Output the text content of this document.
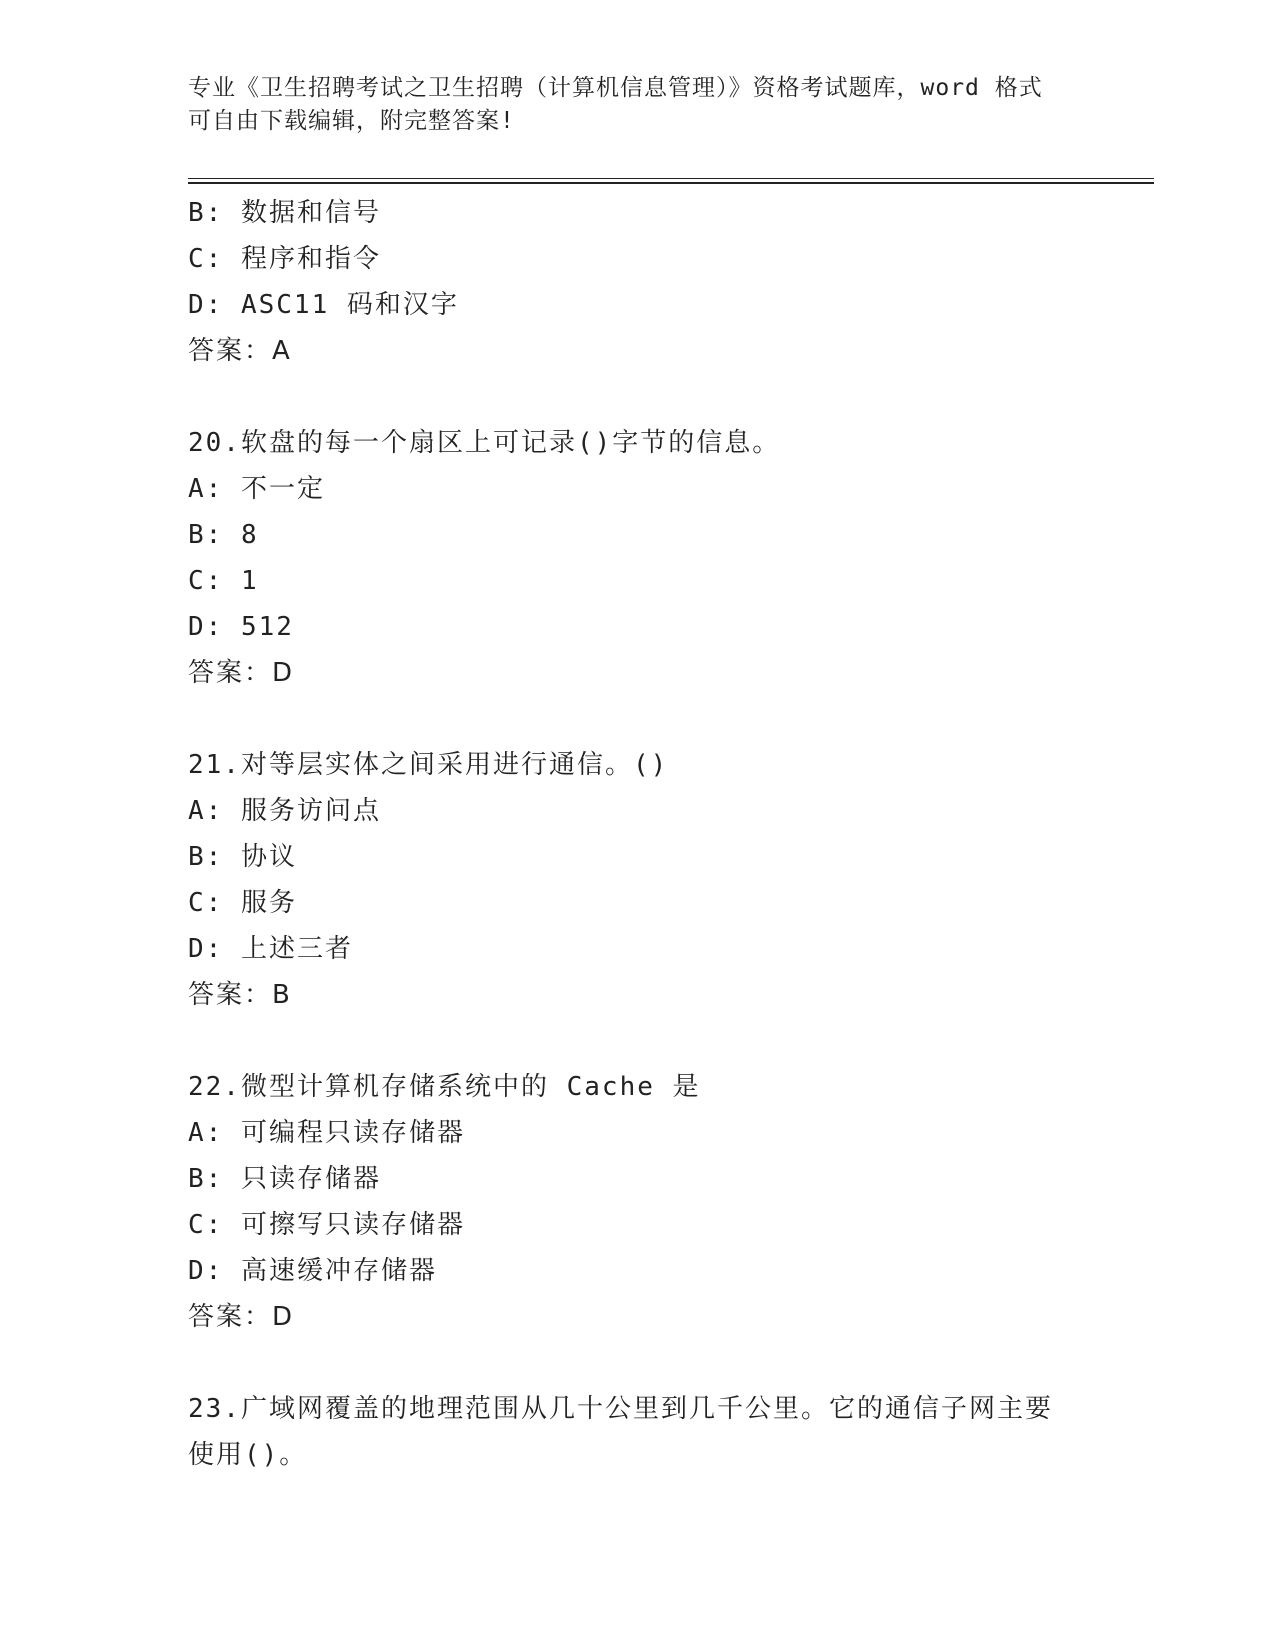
专业《卫生招聘考试之卫生招聘（计算机信息管理）》资格考试题库，word 格式
可自由下载编辑，附完整答案!
B: 数据和信号
C: 程序和指令
D: ASC11 码和汉字
答案：A
20.软盘的每一个扇区上可记录()字节的信息。
A: 不一定
B: 8
C: 1
D: 512
答案：D
21.对等层实体之间采用进行通信。()
A: 服务访问点
B: 协议
C: 服务
D: 上述三者
答案：B
22.微型计算机存储系统中的 Cache 是
A: 可编程只读存储器
B: 只读存储器
C: 可擦写只读存储器
D: 高速缓冲存储器
答案：D
23.广域网覆盖的地理范围从几十公里到几千公里。它的通信子网主要
使用()。
